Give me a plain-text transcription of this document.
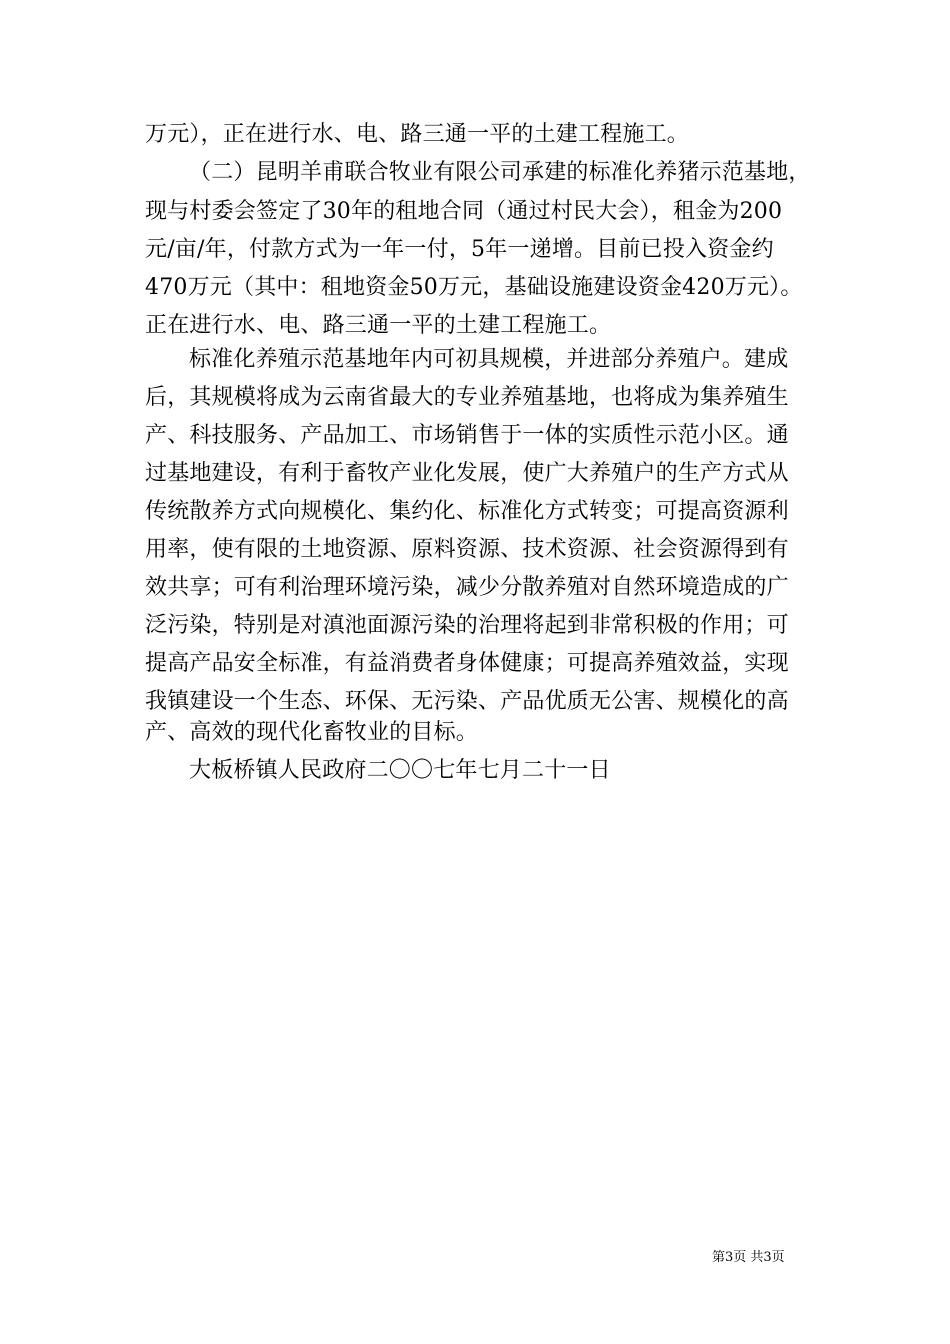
万元），正在进行水、电、路三通一平的土建工程施工。
（二）昆明羊甫联合牧业有限公司承建的标准化养猪示范基地，
现与村委会签定了30年的租地合同（通过村民大会），租金为200
元/亩/年，付款方式为一年一付，5年一递增。目前已投入资金约
470万元（其中：租地资金50万元，基础设施建设资金420万元）。
正在进行水、电、路三通一平的土建工程施工。
标准化养殖示范基地年内可初具规模，并进部分养殖户。建成
后，其规模将成为云南省最大的专业养殖基地，也将成为集养殖生
产、科技服务、产品加工、市场销售于一体的实质性示范小区。通
过基地建设，有利于畜牧产业化发展，使广大养殖户的生产方式从
传统散养方式向规模化、集约化、标准化方式转变；可提高资源利
用率，使有限的土地资源、原料资源、技术资源、社会资源得到有
效共享；可有利治理环境污染，减少分散养殖对自然环境造成的广
泛污染，特别是对滇池面源污染的治理将起到非常积极的作用；可
提高产品安全标准，有益消费者身体健康；可提高养殖效益，实现
我镇建设一个生态、环保、无污染、产品优质无公害、规模化的高
产、高效的现代化畜牧业的目标。
大板桥镇人民政府二〇〇七年七月二十一日
第3页 共3页
